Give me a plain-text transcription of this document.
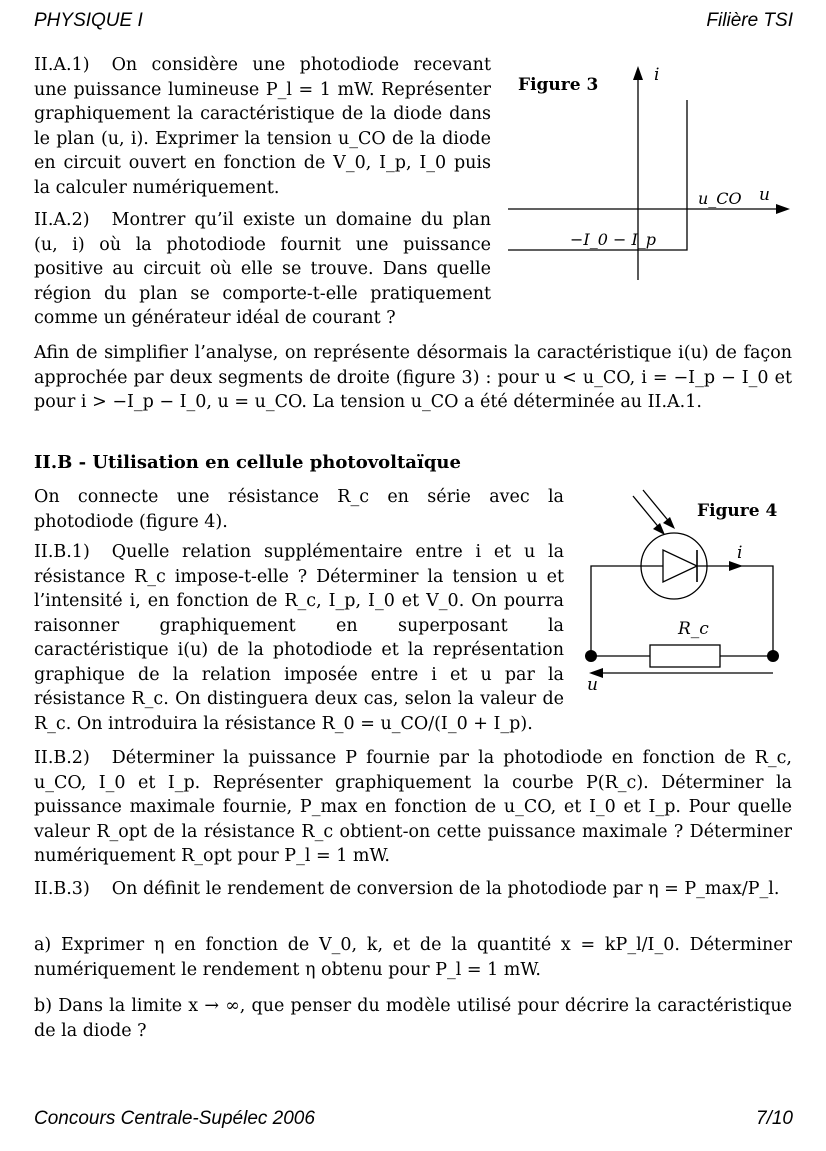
PHYSIQUE I	Filière TSI
II.A.1) On considère une photodiode recevant une puissance lumineuse P_l = 1 mW. Représenter graphiquement la caractéristique de la diode dans le plan (u, i). Exprimer la tension u_CO de la diode en circuit ouvert en fonction de V_0, I_p, I_0 puis la calculer numériquement.
II.A.2) Montrer qu’il existe un domaine du plan (u, i) où la photodiode fournit une puissance positive au circuit où elle se trouve. Dans quelle région du plan se comporte-t-elle pratiquement comme un générateur idéal de courant ?
Figure 3	i
u
u_CO
−I_0 − I_p
Afin de simplifier l’analyse, on représente désormais la caractéristique i(u) de façon approchée par deux segments de droite (figure 3) : pour u < u_CO, i = −I_p − I_0 et pour i > −I_p − I_0, u = u_CO. La tension u_CO a été déterminée au II.A.1.
II.B - Utilisation en cellule photovoltaïque
On connecte une résistance R_c en série avec la photodiode (figure 4).
II.B.1) Quelle relation supplémentaire entre i et u la résistance R_c impose-t-elle ? Déterminer la tension u et l’intensité i, en fonction de R_c, I_p, I_0 et V_0. On pourra raisonner graphiquement en superposant la caractéristique i(u) de la photodiode et la représentation graphique de la relation imposée entre i et u par la résistance R_c. On distinguera deux cas, selon la valeur de R_c. On introduira la résistance R_0 = u_CO/(I_0 + I_p).
Figure 4
i
R_c
u
II.B.2) Déterminer la puissance P fournie par la photodiode en fonction de R_c, u_CO, I_0 et I_p. Représenter graphiquement la courbe P(R_c). Déterminer la puissance maximale fournie, P_max en fonction de u_CO, et I_0 et I_p. Pour quelle valeur R_opt de la résistance R_c obtient-on cette puissance maximale ? Déterminer numériquement R_opt pour P_l = 1 mW.
II.B.3) On définit le rendement de conversion de la photodiode par η = P_max/P_l.
a) Exprimer η en fonction de V_0, k, et de la quantité x = kP_l/I_0. Déterminer numériquement le rendement η obtenu pour P_l = 1 mW.
b) Dans la limite x → ∞, que penser du modèle utilisé pour décrire la caractéristique de la diode ?
Concours Centrale-Supélec 2006	7/10
